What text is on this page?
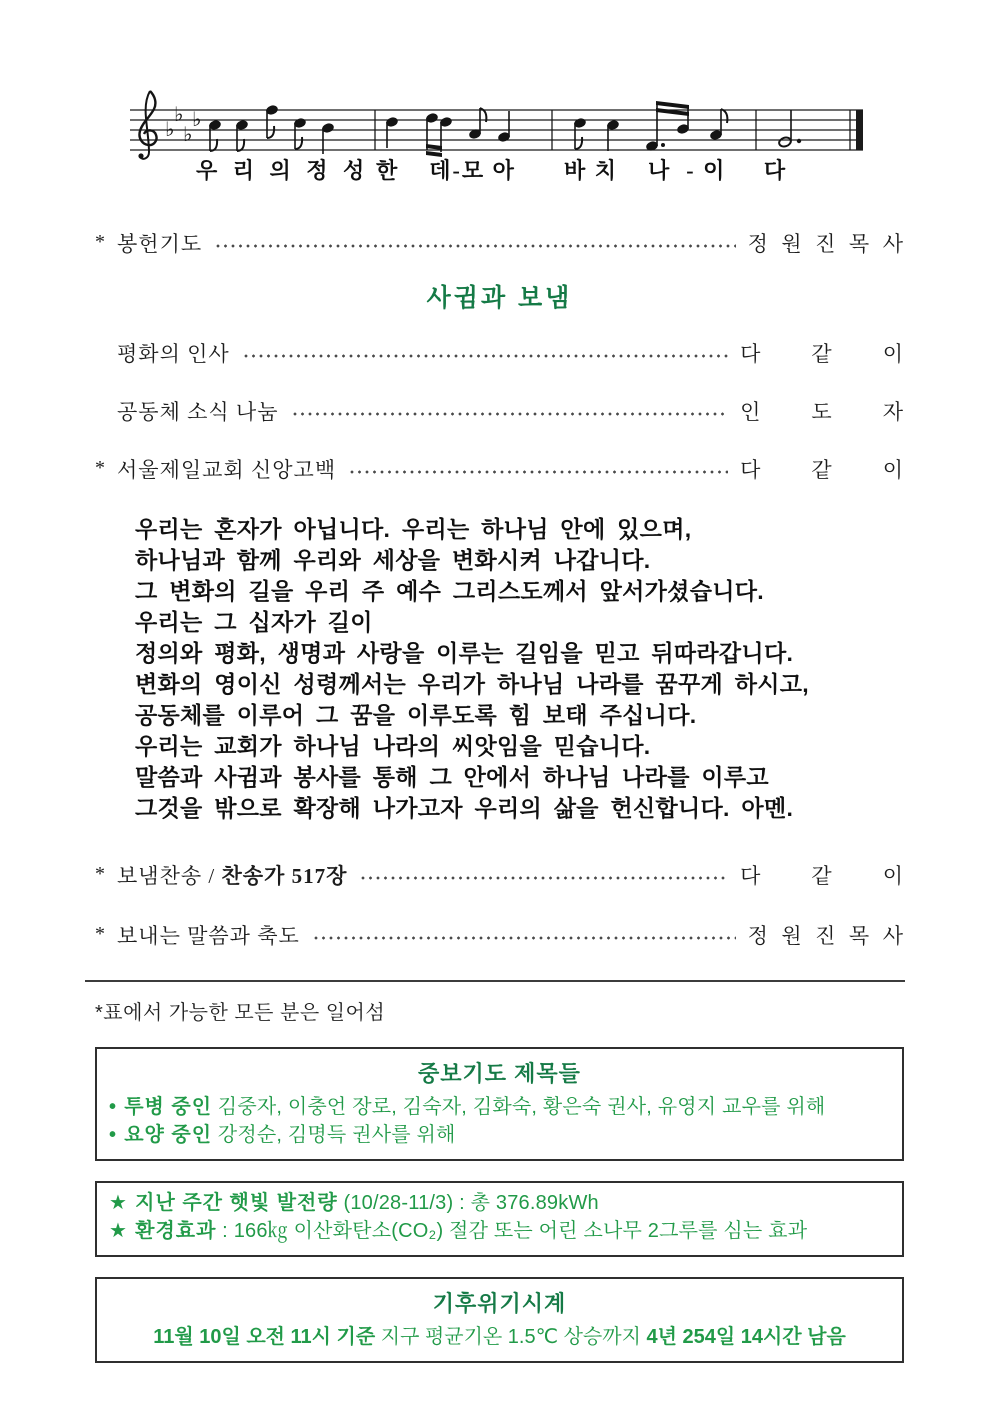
♭
♭
♭
♭
우 리 의 정 성 한    데-모 아 바 치    나  - 이     다
* 봉헌기도	정  원  진  목  사
사귐과 보냄
평화의 인사	다        같        이
공동체 소식 나눔	인        도        자
* 서울제일교회 신앙고백	다        같        이
우리는 혼자가 아닙니다. 우리는 하나님 안에 있으며,
하나님과 함께 우리와 세상을 변화시켜 나갑니다.
그 변화의 길을 우리 주 예수 그리스도께서 앞서가셨습니다.
우리는 그 십자가 길이
정의와 평화, 생명과 사랑을 이루는 길임을 믿고 뒤따라갑니다.
변화의 영이신 성령께서는 우리가 하나님 나라를 꿈꾸게 하시고,
공동체를 이루어 그 꿈을 이루도록 힘 보태 주십니다.
우리는 교회가 하나님 나라의 씨앗임을 믿습니다.
말씀과 사귐과 봉사를 통해 그 안에서 하나님 나라를 이루고
그것을 밖으로 확장해 나가고자 우리의 삶을 헌신합니다. 아멘.
* 보냄찬송 / 찬송가 517장	다        같        이
* 보내는 말씀과 축도	정  원  진  목  사
*표에서 가능한 모든 분은 일어섬
중보기도 제목들
• 투병 중인 김중자, 이충언 장로, 김숙자, 김화숙, 황은숙 권사, 유영지 교우를 위해
• 요양 중인 강정순, 김명득 권사를 위해
★ 지난 주간 햇빛 발전량 (10/28-11/3) : 총 376.89kWh
★ 환경효과 : 166㎏ 이산화탄소(CO₂) 절감 또는 어린 소나무 2그루를 심는 효과
기후위기시계
11월 10일 오전 11시 기준 지구 평균기온 1.5℃ 상승까지 4년 254일 14시간 남음
